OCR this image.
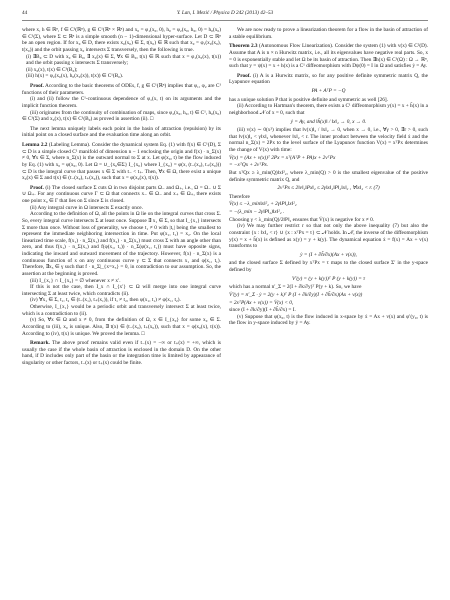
44	Y. Lan, I. Mezić / Physica D 242 (2013) 42–53

where x, h ∈ ℝⁿ, f ∈ C¹(ℝⁿ), g ∈ C¹(ℝⁿ × ℝⁿ) and x₀ = φ₁(x₀, 0), h₀ = φ₂(x₀, h₀, 0) = h₀(x₀) ∈ C¹(Σ), where Σ ⊂ ℝⁿ is a simple smooth (n − 1)-dimensional hyper-surface. Let D ⊂ ℝⁿ be an open region. If for x₀ ∈ D, there exists x₀(x₀) ∈ Σ, t(x₀) ∈ ℝ such that x₀ = φ₁(x₀(x₀), t(x₀)) and the orbit passing x₀ intersects Σ transversely, then the following is true.

(i) ∃B₀ ⊂ D with x₀ ∈ B₀, ∃ x₀(x) ∈ Σ, ∀x ∈ B₀, t(x) ∈ ℝ such that x = φ₁(x₀(x), t(x)) and the orbit passing x intersects Σ transversely;

(ii) x₀(x), t(x) ∈ C¹(B₀);

(iii) h(x) = φ₂(x₀(x), h₀(x₀(x)), t(x)) ∈ C¹(B₀).

Proof. According to the basic theorems of ODEs, f, g ∈ C¹(ℝⁿ) implies that φ₁, φ₂ are C¹ functions of their parameters.

(i) and (ii) follow the C¹-continuous dependence of φ₁(x, t) on its arguments and the implicit function theorem.

(iii) originates from the continuity of combination of maps, since φ₂(x₀, h₀, t) ∈ C¹, h₀(x₀) ∈ C¹(Σ) and x₀(x), t(x) ∈ C¹(B₀) as proved in assertion (ii). □

The next lemma uniquely labels each point in the basin of attraction (repulsion) by its initial point on a closed surface and the evaluation time along an orbit.

Lemma 2.2 (Labeling Lemma). Consider the dynamical system Eq. (1) with f(x) ∈ C¹(D), Σ ⊂ D is a simple closed C¹ manifold of dimension n − 1 enclosing the origin and f(x) · n_Σ(x) ≠ 0, ∀x ∈ Σ, where n_Σ(x) is the outward normal to Σ at x. Let φ(x₀, t) be the flow induced by Eq. (1) with x₀ = φ(x₀, 0). Let Ω = ∪_{x₀∈Σ} I_{x₀} where I_{x₀} = φ(x, (t₋(x₀), t₊(x₀))) ⊂ D is the integral curve that passes x ∈ Σ with t₋ < t₊. Then, ∀x ∈ Ω, there exist a unique x₀(x) ∈ Σ and t(x) ∈ (t₋(x₀), t₊(x₀)), such that x = φ(x₀(x), t(x)).

Proof. (i) The closed surface Σ cuts Ω in two disjoint parts Ω₋ and Ω₊, i.e., Ω = Ω₋ ∪ Σ ∪ Ω₊. For any continuous curve Γ ⊂ Ω that connects x₋ ∈ Ω₋ and x₊ ∈ Ω₊, there exists one point x₀ ∈ Γ that lies on Σ since Σ is closed.

(ii) Any integral curve in Ω intersects Σ exactly once.

According to the definition of Ω, all the points in Ω lie on the integral curves that cross Σ. So, every integral curve intersects Σ at least once. Suppose ∃ x₁ ∈ Σ, so that I_{x₁} intersects Σ more than once. Without loss of generality, we choose t₁ ≠ 0 with |t₁| being the smallest to represent the immediate neighboring intersection in time. Put φ(x₁, t₁) = x₂. On the local linearized time scale, f(x₁) · n_Σ(x₁) and f(x₂) · n_Σ(x₂) must cross Σ with an angle other than zero, and thus f(x₁) · n_Σ(x₁) and f(φ(x₁, t₁)) · n_Σ(φ(x₁, t₁)) must have opposite signs, indicating the inward and outward movement of the trajectory. However, f(x) · n_Σ(x) is a continuous function of x on any continuous curve γ ⊂ Σ that connects x₁ and φ(x₁, t₁). Therefore, ∃x₃ ∈ γ such that f · n_Σ|_{x=x₃} = 0, in contradiction to our assumption. So, the assertion at the beginning is proved.

(iii) I_{x₁} ∩ I_{x₂} = ∅ whenever x ≠ x′.

If this is not the case, then I_x ∩ I_{x′} ⊂ Ω will merge into one integral curve intersecting Σ at least twice, which contradicts (ii).

(iv) ∀x₁ ∈ Σ, t₁, t₂ ∈ (t₋(x₁), t₊(x₁)), if t₁ ≠ t₂, then φ(x₁, t₁) ≠ φ(x₁, t₂).

Otherwise, I_{x₁} would be a periodic orbit and transversely intersect Σ at least twice, which is a contradiction to (ii).

(v) So, ∀x ∈ Ω and x ≠ 0, from the definition of Ω, x ∈ I_{x₀} for some x₀ ∈ Σ. According to (iii), x₀ is unique. Also, ∃ t(x) ∈ (t₋(x₀), t₊(x₀)), such that x = φ(x₀(x), t(x)). According to (iv), t(x) is unique. We proved the lemma. □

Remark. The above proof remains valid even if t₋(x) = −∞ or t₊(x) = +∞, which is usually the case if the whole basin of attraction is enclosed in the domain D. On the other hand, if D includes only part of the basin or the integration time is limited by appearance of singularity or other factors, t₋(x) or t₊(x) could be finite.

We are now ready to prove a linearization theorem for a flow in the basin of attraction of a stable equilibrium.

Theorem 2.3 (Autonomous Flow Linearization). Consider the system (1) with v(x) ∈ C²(D). Assume that A is n × n Hurwitz matrix, i.e., all its eigenvalues have negative real parts. So, x = 0 is exponentially stable and let Ω be its basin of attraction. Then ∃h(x) ∈ C¹(Ω) : Ω → ℝⁿ, such that y = ψ(x) = x + h(x) is a C¹ diffeomorphism with Dψ(0) = I in Ω and satisfies ẏ = Ay.

Proof. (i) A is a Hurwitz matrix, so for any positive definite symmetric matrix Q, the Lyapunov equation

PA + AᵀP = −Q

has a unique solution P that is positive definite and symmetric as well [26].

(ii) According to Hartman's theorem, there exists a C¹ diffeomorphism y(x) = x + h̃(x) in a neighborhood 𝒩 of x = 0, such that

ẏ = Ay, and ‖h̃(x)‖ / ‖x‖₂ → 0, x → 0.

(iii) v(x) ∼ 0(x²) implies that ‖v(x)‖₂ / ‖x‖₂ → 0, when x → 0, i.e., ∀γ > 0, ∃r > 0, such that ‖v(x)‖₂ < γ‖x‖₂ whenever ‖x‖₂ < r. The inner product between the velocity field ẋ and the normal n_Σ(x) = 2Px to the level surface of the Lyapunov function V(x) = xᵀPx determines the change of V(x) with time:

V̇(x) = (Ax + v(x))ᵀ 2Px = xᵀ(AᵀP + PA)x + 2vᵀPx

= −xᵀQx + 2vᵀPx.

But xᵀQx ≥ λ_min(Q)‖x‖²₂, where λ_min(Q) > 0 is the smallest eigenvalue of the positive definite symmetric matrix Q, and

2vᵀPx ≤ 2‖v‖₂‖Px‖₂ ≤ 2γ‖x‖₂‖P‖₂‖x‖₂ , ∀‖x‖₂ < r. (7)

Therefore

V̇(x) ≤ −λ_min‖x‖²₂ + 2γ‖P‖₂‖x‖²₂

= −(λ_min − 2γ‖P‖₂)‖x‖²₂ .

Choosing γ < λ_min(Q)/2‖P‖₂ ensures that V̇(x) is negative for x ≠ 0.

(iv) We may further restrict r so that not only the above inequality (7) but also the constraint {x : ‖x‖₂ < r} ∪ {x : xᵀPx = τ} ⊂ 𝒩 holds. In 𝒩, the inverse of the diffeomorphism y(x) = x + h̃(x) is defined as x(y) = y + k(y). The dynamical equation ẋ = f(x) = Ax + v(x) transforms to

ẏ = (I + ∂h̃/∂x)(Ax + v(x)),

and the closed surface Σ defined by xᵀPx = τ maps to the closed surface Σ′ in the y-space defined by

V′(y) = (y + k(y))ᵀ P (y + k(y)) = τ

which has a normal n′_Σ = 2(I + ∂k/∂y)ᵀ P(y + k). So, we have

V̇′(y) = n′_Σ · ẏ = 2(y + k)ᵀ P (I + ∂k/∂y)(I + ∂h̃/∂x)(Ax + v(x))

= 2xᵀP(Ax + v(x)) = V̇(x) < 0,

since (I + ∂k/∂y)(I + ∂h̃/∂x) = I.

(v) Suppose that φ(x₀, t) is the flow induced in x-space by ẋ = Ax + v(x) and φ′(y₀, t) is the flow in y-space induced by ẏ = Ay.
